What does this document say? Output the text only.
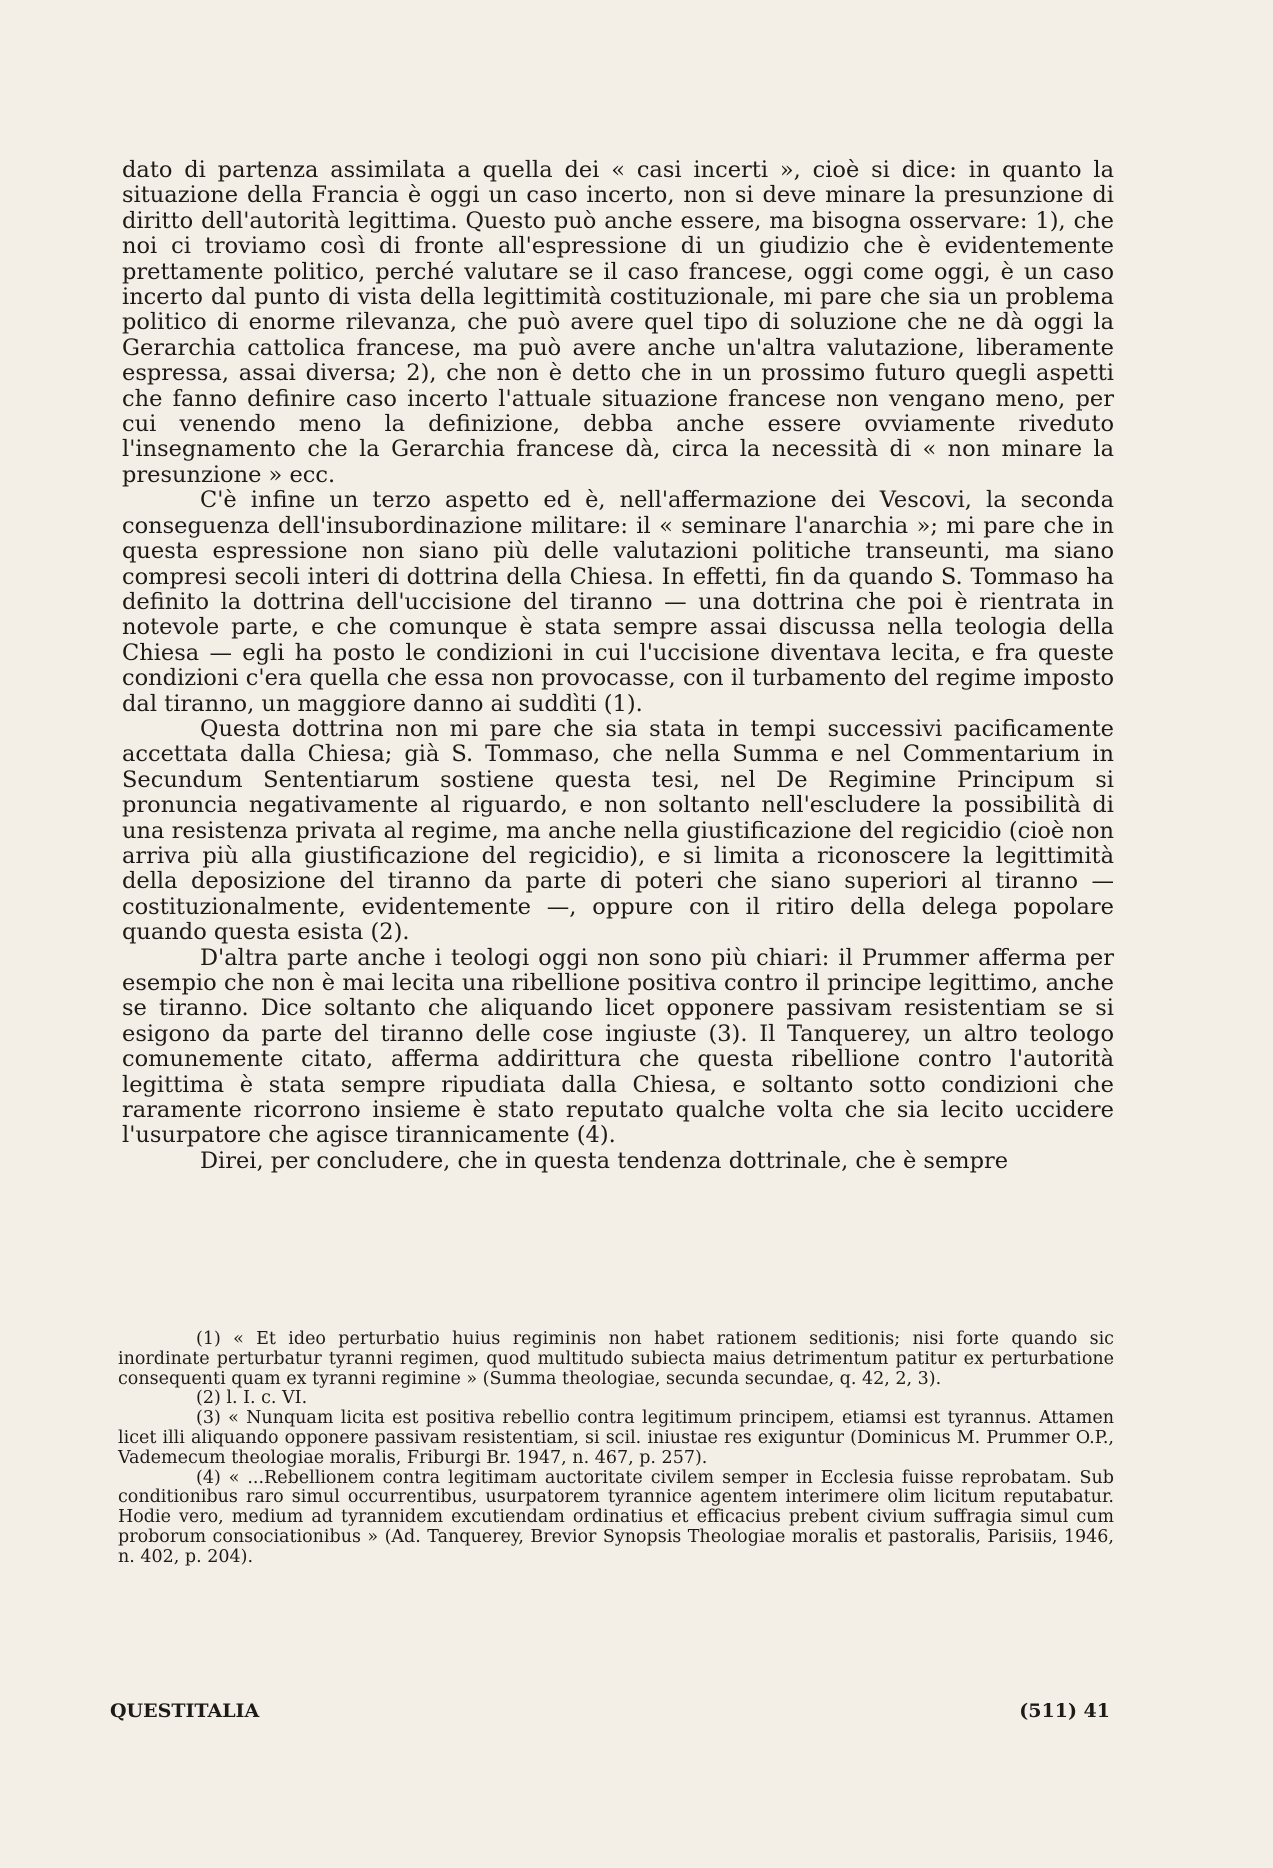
dato di partenza assimilata a quella dei « casi incerti », cioè si dice: in quanto la situazione della Francia è oggi un caso incerto, non si deve minare la presunzione di diritto dell'autorità legittima. Questo può anche essere, ma bisogna osservare: 1), che noi ci troviamo così di fronte all'espressione di un giudizio che è evidentemente prettamente politico, perché valutare se il caso francese, oggi come oggi, è un caso incerto dal punto di vista della legittimità costituzionale, mi pare che sia un problema politico di enorme rilevanza, che può avere quel tipo di soluzione che ne dà oggi la Gerarchia cattolica francese, ma può avere anche un'altra valutazione, liberamente espressa, assai diversa; 2), che non è detto che in un prossimo futuro quegli aspetti che fanno definire caso incerto l'attuale situazione francese non vengano meno, per cui venendo meno la definizione, debba anche essere ovviamente riveduto l'insegnamento che la Gerarchia francese dà, circa la necessità di « non minare la presunzione » ecc.

C'è infine un terzo aspetto ed è, nell'affermazione dei Vescovi, la seconda conseguenza dell'insubordinazione militare: il « seminare l'anarchia »; mi pare che in questa espressione non siano più delle valutazioni politiche transeunti, ma siano compresi secoli interi di dottrina della Chiesa. In effetti, fin da quando S. Tommaso ha definito la dottrina dell'uccisione del tiranno — una dottrina che poi è rientrata in notevole parte, e che comunque è stata sempre assai discussa nella teologia della Chiesa — egli ha posto le condizioni in cui l'uccisione diventava lecita, e fra queste condizioni c'era quella che essa non provocasse, con il turbamento del regime imposto dal tiranno, un maggiore danno ai suddìti (1).

Questa dottrina non mi pare che sia stata in tempi successivi pacificamente accettata dalla Chiesa; già S. Tommaso, che nella Summa e nel Commentarium in Secundum Sententiarum sostiene questa tesi, nel De Regimine Principum si pronuncia negativamente al riguardo, e non soltanto nell'escludere la possibilità di una resistenza privata al regime, ma anche nella giustificazione del regicidio (cioè non arriva più alla giustificazione del regicidio), e si limita a riconoscere la legittimità della deposizione del tiranno da parte di poteri che siano superiori al tiranno — costituzionalmente, evidentemente —, oppure con il ritiro della delega popolare quando questa esista (2).

D'altra parte anche i teologi oggi non sono più chiari: il Prummer afferma per esempio che non è mai lecita una ribellione positiva contro il principe legittimo, anche se tiranno. Dice soltanto che aliquando licet opponere passivam resistentiam se si esigono da parte del tiranno delle cose ingiuste (3). Il Tanquerey, un altro teologo comunemente citato, afferma addirittura che questa ribellione contro l'autorità legittima è stata sempre ripudiata dalla Chiesa, e soltanto sotto condizioni che raramente ricorrono insieme è stato reputato qualche volta che sia lecito uccidere l'usurpatore che agisce tirannicamente (4).

Direi, per concludere, che in questa tendenza dottrinale, che è sempre

(1) « Et ideo perturbatio huius regiminis non habet rationem seditionis; nisi forte quando sic inordinate perturbatur tyranni regimen, quod multitudo subiecta maius detrimentum patitur ex perturbatione consequenti quam ex tyranni regimine » (Summa theologiae, secunda secundae, q. 42, 2, 3).

(2) l. I. c. VI.

(3) « Nunquam licita est positiva rebellio contra legitimum principem, etiamsi est tyrannus. Attamen licet illi aliquando opponere passivam resistentiam, si scil. iniustae res exiguntur (Dominicus M. Prummer O.P., Vademecum theologiae moralis, Friburgi Br. 1947, n. 467, p. 257).

(4) « ...Rebellionem contra legitimam auctoritate civilem semper in Ecclesia fuisse reprobatam. Sub conditionibus raro simul occurrentibus, usurpatorem tyrannice agentem interimere olim licitum reputabatur. Hodie vero, medium ad tyrannidem excutiendam ordinatius et efficacius prebent civium suffragia simul cum proborum consociationibus » (Ad. Tanquerey, Brevior Synopsis Theologiae moralis et pastoralis, Parisiis, 1946, n. 402, p. 204).

QUESTITALIA	(511) 41
